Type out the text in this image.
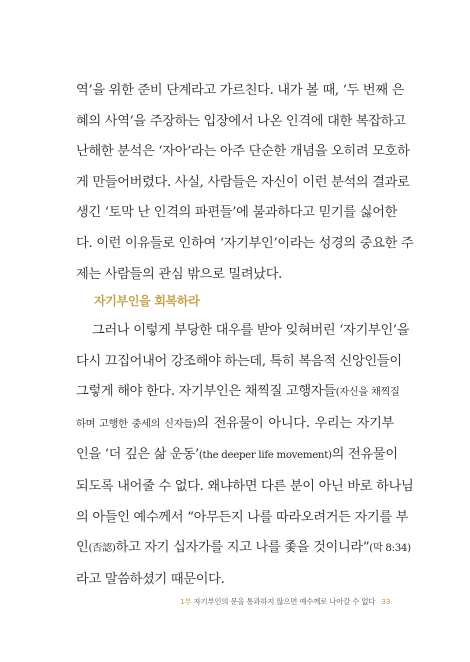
역’을 위한 준비 단계라고 가르친다. 내가 볼 때, ‘두 번째 은
혜의 사역’을 주장하는 입장에서 나온 인격에 대한 복잡하고
난해한 분석은 ‘자아’라는 아주 단순한 개념을 오히려 모호하
게 만들어버렸다. 사실, 사람들은 자신이 이런 분석의 결과로
생긴 ‘토막 난 인격의 파편들’에 불과하다고 믿기를 싫어한
다. 이런 이유들로 인하여 ‘자기부인’이라는 성경의 중요한 주
제는 사람들의 관심 밖으로 밀려났다.
자기부인을 회복하라
그러나 이렇게 부당한 대우를 받아 잊혀버린 ‘자기부인’을
다시 끄집어내어 강조해야 하는데, 특히 복음적 신앙인들이
그렇게 해야 한다. 자기부인은 채찍질 고행자들(자신을 채찍질
하며 고행한 중세의 신자들)의 전유물이 아니다. 우리는 자기부
인을 ‘더 깊은 삶 운동’(the deeper life movement)의 전유물이
되도록 내어줄 수 없다. 왜냐하면 다른 분이 아닌 바로 하나님
의 아들인 예수께서 “아무든지 나를 따라오려거든 자기를 부
인(否認)하고 자기 십자가를 지고 나를 좇을 것이니라”(막 8:34)
라고 말씀하셨기 때문이다.
1부 자기부인의 문을 통과하지 않으면 예수께로 나아갈 수 없다 33
